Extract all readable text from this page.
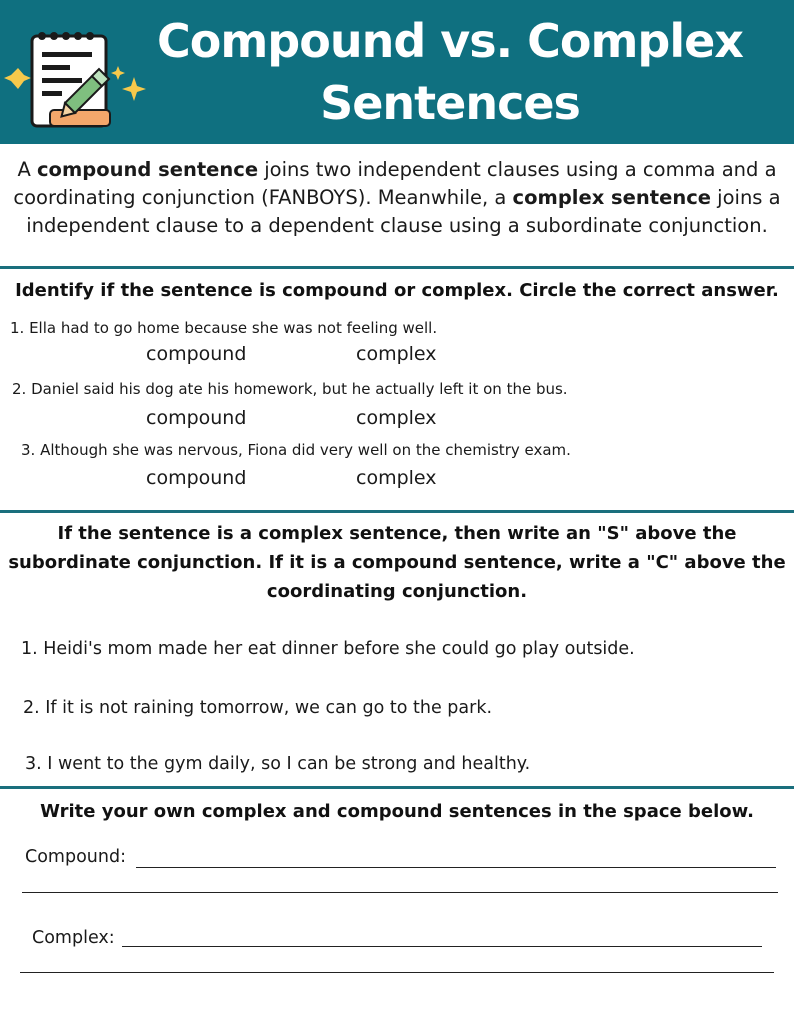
Compound vs. Complex
Sentences

A compound sentence joins two independent clauses using a comma and a

coordinating conjunction (FANBOYS). Meanwhile, a complex sentence joins a

independent clause to a dependent clause using a subordinate conjunction.

Identify if the sentence is compound or complex. Circle the correct answer.
1. Ella had to go home because she was not feeling well.
compound	complex
2. Daniel said his dog ate his homework, but he actually left it on the bus.
compound	complex
3. Although she was nervous, Fiona did very well on the chemistry exam.
compound	complex
If the sentence is a complex sentence, then write an "S" above the
subordinate conjunction. If it is a compound sentence, write a "C" above the
coordinating conjunction.
1. Heidi's mom made her eat dinner before she could go play outside.
2. If it is not raining tomorrow, we can go to the park.
3. I went to the gym daily, so I can be strong and healthy.
Write your own complex and compound sentences in the space below.
Compound:
Complex:
